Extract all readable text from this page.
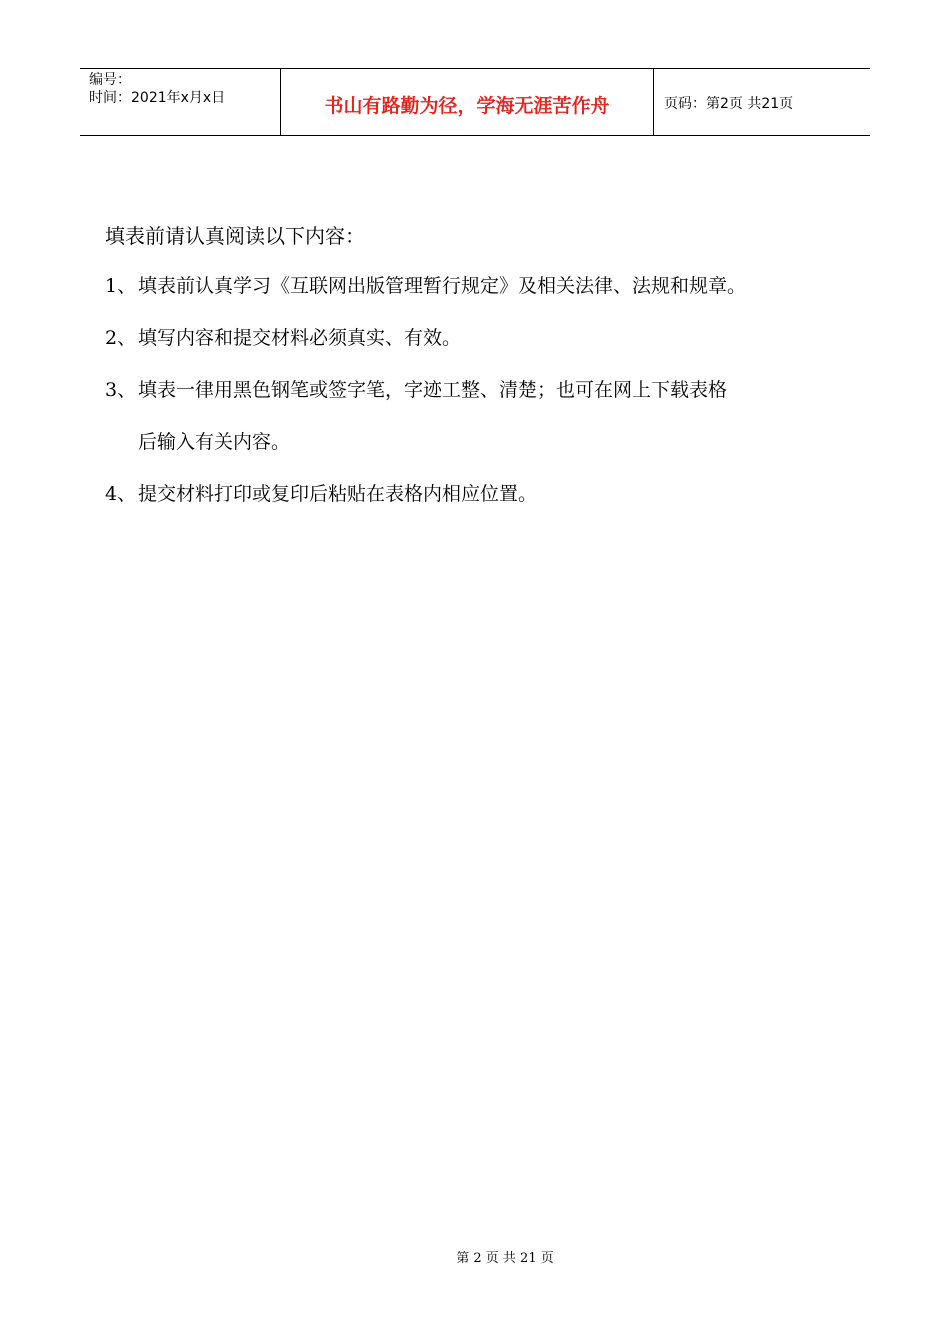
编号：
时间：2021年x月x日	书山有路勤为径，学海无涯苦作舟	页码：第2页 共21页
填表前请认真阅读以下内容：
1、 填表前认真学习《互联网出版管理暂行规定》及相关法律、法规和规章。
2、 填写内容和提交材料必须真实、有效。
3、 填表一律用黑色钢笔或签字笔，字迹工整、清楚；也可在网上下载表格
后输入有关内容。
4、 提交材料打印或复印后粘贴在表格内相应位置。
第 2 页 共 21 页
